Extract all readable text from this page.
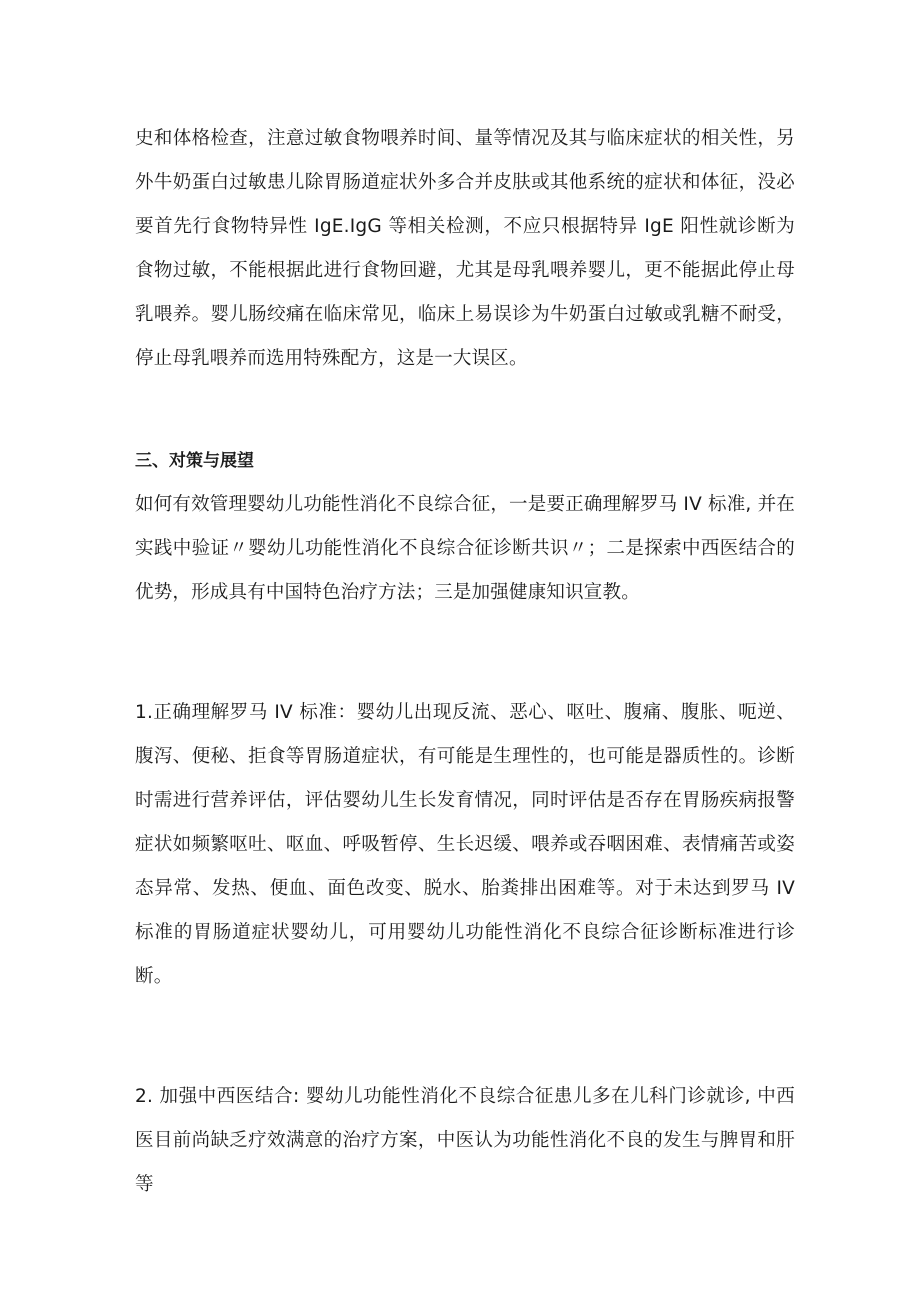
史和体格检查，注意过敏食物喂养时间、量等情况及其与临床症状的相关性，另外牛奶蛋白过敏患儿除胃肠道症状外多合并皮肤或其他系统的症状和体征，没必要首先行食物特异性 IgE.IgG 等相关检测，不应只根据特异 IgE 阳性就诊断为食物过敏，不能根据此进行食物回避，尤其是母乳喂养婴儿，更不能据此停止母乳喂养。婴儿肠绞痛在临床常见，临床上易误诊为牛奶蛋白过敏或乳糖不耐受，停止母乳喂养而选用特殊配方，这是一大误区。

三、对策与展望

如何有效管理婴幼儿功能性消化不良综合征，一是要正确理解罗马 IV 标准, 并在实践中验证〃婴幼儿功能性消化不良综合征诊断共识〃；二是探索中西医结合的优势，形成具有中国特色治疗方法；三是加强健康知识宣教。

1.正确理解罗马 IV 标准：婴幼儿出现反流、恶心、呕吐、腹痛、腹胀、呃逆、腹泻、便秘、拒食等胃肠道症状，有可能是生理性的，也可能是器质性的。诊断时需进行营养评估，评估婴幼儿生长发育情况，同时评估是否存在胃肠疾病报警症状如频繁呕吐、呕血、呼吸暂停、生长迟缓、喂养或吞咽困难、表情痛苦或姿态异常、发热、便血、面色改变、脱水、胎粪排出困难等。对于未达到罗马 IV 标准的胃肠道症状婴幼儿，可用婴幼儿功能性消化不良综合征诊断标准进行诊断。

2. 加强中西医结合: 婴幼儿功能性消化不良综合征患儿多在儿科门诊就诊, 中西医目前尚缺乏疗效满意的治疗方案，中医认为功能性消化不良的发生与脾胃和肝等
